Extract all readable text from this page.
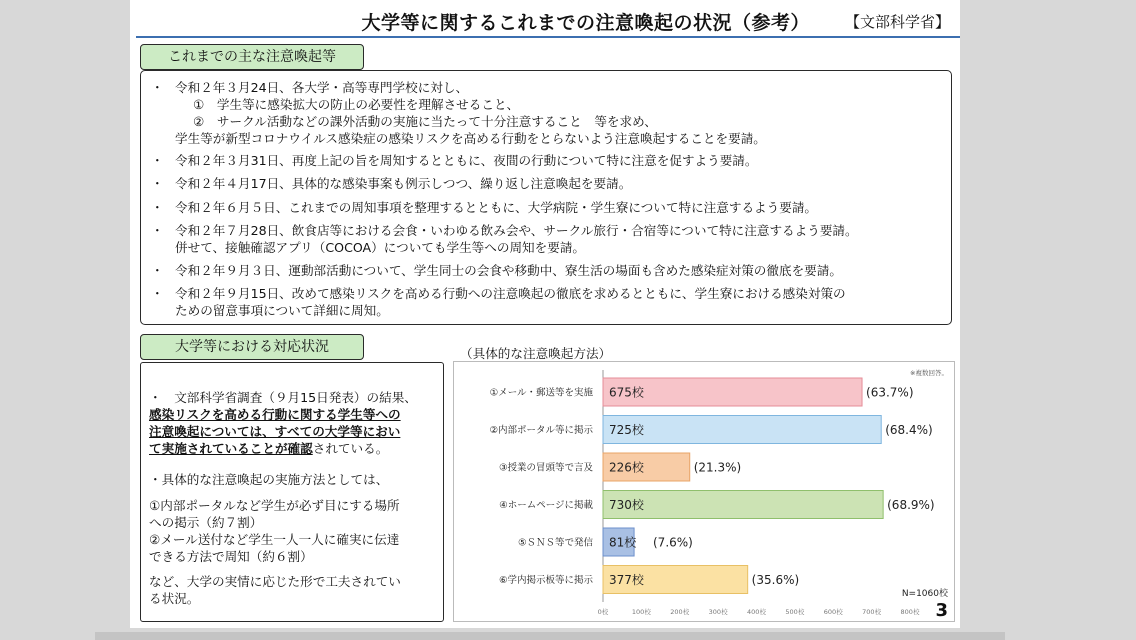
大学等に関するこれまでの注意喚起の状況（参考） 【文部科学省】
これまでの主な注意喚起等
・ 令和２年３月24日、各大学・高等専門学校に対し、
①　学生等に感染拡大の防止の必要性を理解させること、
②　サークル活動などの課外活動の実施に当たって十分注意すること　等を求め、
学生等が新型コロナウイルス感染症の感染リスクを高める行動をとらないよう注意喚起することを要請。
・ 令和２年３月31日、再度上記の旨を周知するとともに、夜間の行動について特に注意を促すよう要請。
・ 令和２年４月17日、具体的な感染事案も例示しつつ、繰り返し注意喚起を要請。
・ 令和２年６月５日、これまでの周知事項を整理するとともに、大学病院・学生寮について特に注意するよう要請。
・ 令和２年７月28日、飲食店等における会食・いわゆる飲み会や、サークル旅行・合宿等について特に注意するよう要請。
併せて、接触確認アプリ（COCOA）についても学生等への周知を要請。
・ 令和２年９月３日、運動部活動について、学生同士の会食や移動中、寮生活の場面も含めた感染症対策の徹底を要請。
・ 令和２年９月15日、改めて感染リスクを高める行動への注意喚起の徹底を求めるとともに、学生寮における感染対策の
ための留意事項について詳細に周知。
大学等における対応状況
・　 文部科学省調査（９月15日発表）の結果、
感染リスクを高める行動に関する学生等への
注意喚起については、すべての大学等におい
て実施されていることが確認されている。
・具体的な注意喚起の実施方法としては、
①内部ポータルなど学生が必ず目にする場所
への掲示（約７割）
②メール送付など学生一人一人に確実に伝達
できる方法で周知（約６割）
など、大学の実情に応じた形で工夫されてい
る状況。
（具体的な注意喚起方法）
※複数回答。
①メール・郵送等を実施 675校	(63.7%)
②内部ポータル等に掲示 725校	(68.4%)
③授業の冒頭等で言及 226校	(21.3%)
④ホームページに掲載 730校	(68.9%)
⑤ＳＮＳ等で発信 81校 (7.6%)
⑥学内掲示板等に掲示 377校	(35.6%)
N=1060校
0校	100校	200校	300校	400校	500校	600校	700校	800校 3
